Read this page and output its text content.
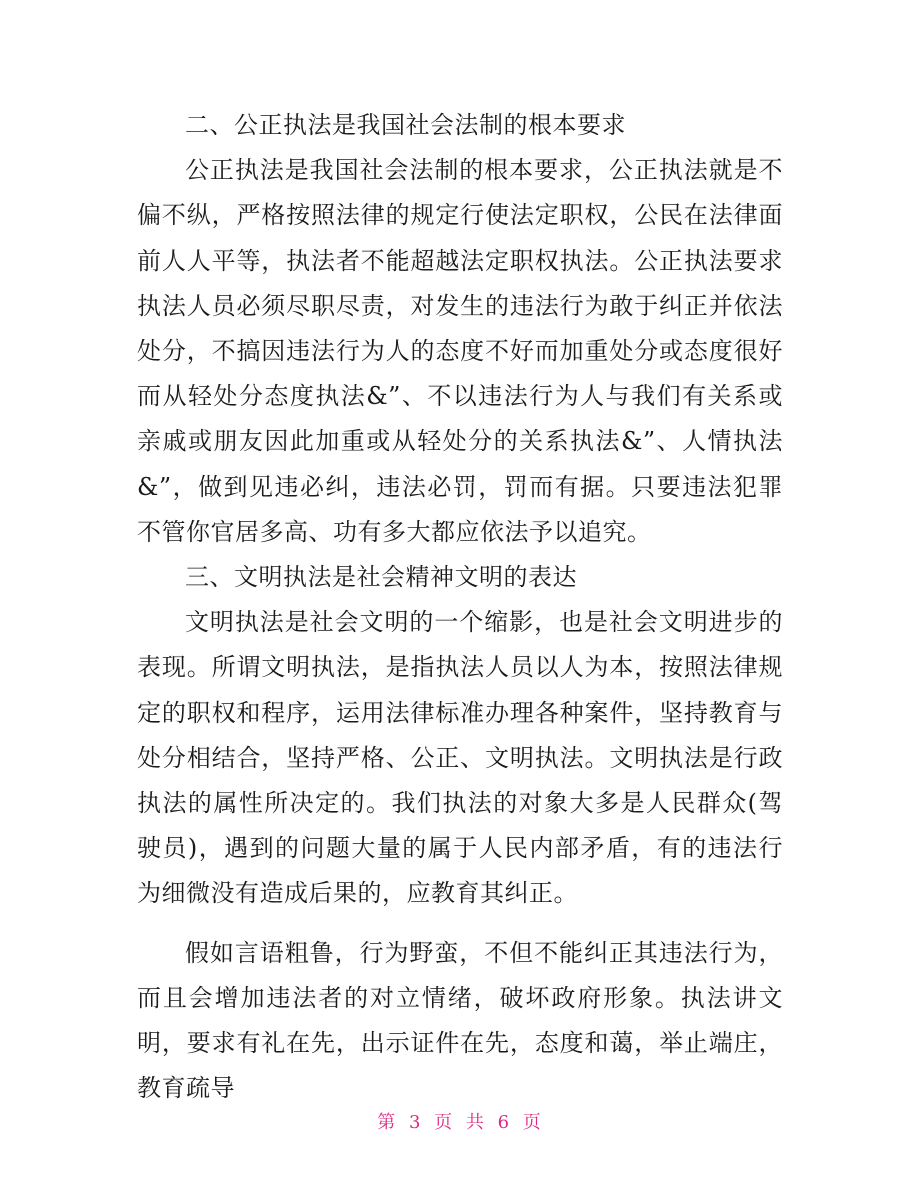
二、公正执法是我国社会法制的根本要求

公正执法是我国社会法制的根本要求，公正执法就是不偏不纵，严格按照法律的规定行使法定职权，公民在法律面前人人平等，执法者不能超越法定职权执法。公正执法要求执法人员必须尽职尽责，对发生的违法行为敢于纠正并依法处分，不搞因违法行为人的态度不好而加重处分或态度很好而从轻处分态度执法&”、不以违法行为人与我们有关系或亲戚或朋友因此加重或从轻处分的关系执法&”、人情执法&”，做到见违必纠，违法必罚，罚而有据。只要违法犯罪不管你官居多高、功有多大都应依法予以追究。

三、文明执法是社会精神文明的表达

文明执法是社会文明的一个缩影，也是社会文明进步的表现。所谓文明执法，是指执法人员以人为本，按照法律规定的职权和程序，运用法律标准办理各种案件，坚持教育与处分相结合，坚持严格、公正、文明执法。文明执法是行政执法的属性所决定的。我们执法的对象大多是人民群众(驾驶员)，遇到的问题大量的属于人民内部矛盾，有的违法行为细微没有造成后果的，应教育其纠正。

假如言语粗鲁，行为野蛮，不但不能纠正其违法行为，而且会增加违法者的对立情绪，破坏政府形象。执法讲文明，要求有礼在先，出示证件在先，态度和蔼，举止端庄，教育疏导

第 3 页 共 6 页
